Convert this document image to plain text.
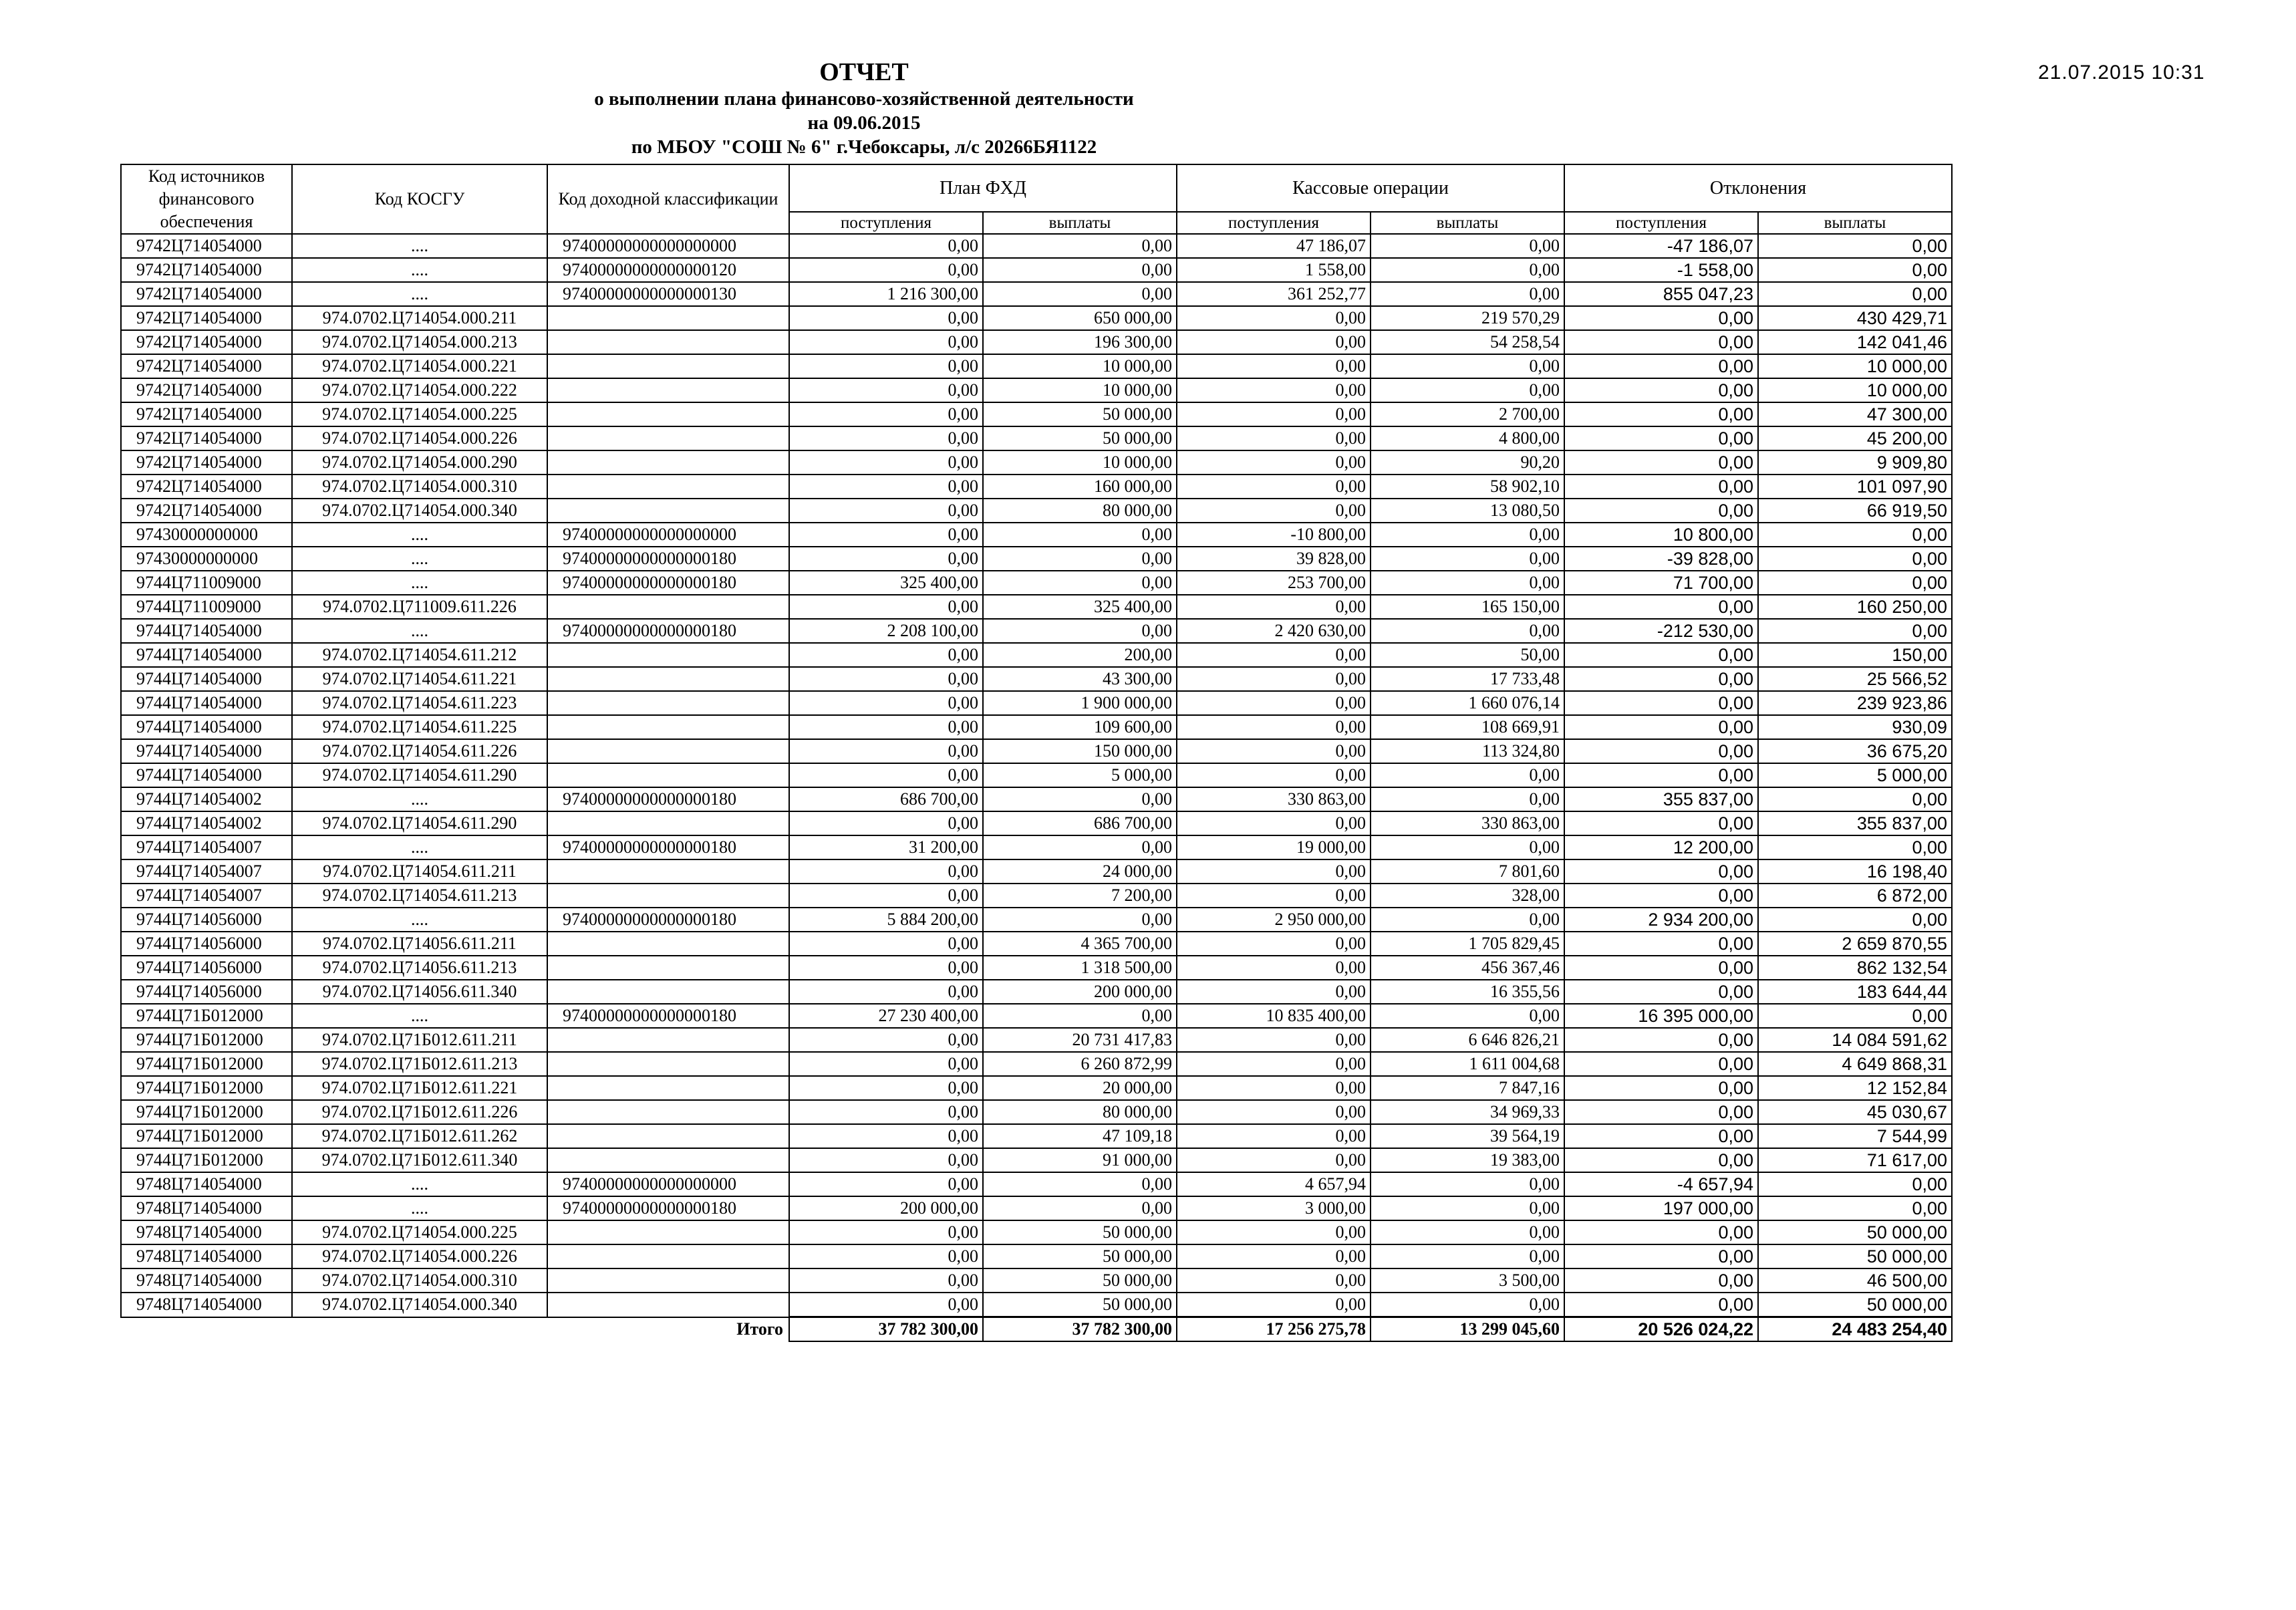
21.07.2015 10:31
ОТЧЕТ
о выполнении плана финансово-хозяйственной деятельности
на 09.06.2015
по МБОУ "СОШ № 6" г.Чебоксары, л/с 20266БЯ1122
Код источников финансового обеспечения	Код КОСГУ	Код доходной классификации	План ФХД		Кассовые операции		Отклонения	
			поступления	выплаты	поступления	выплаты	поступления	выплаты
9742Ц714054000	....	97400000000000000000	0,00	0,00	47 186,07	0,00	-47 186,07	0,00
9742Ц714054000	....	97400000000000000120	0,00	0,00	1 558,00	0,00	-1 558,00	0,00
9742Ц714054000	....	97400000000000000130	1 216 300,00	0,00	361 252,77	0,00	855 047,23	0,00
9742Ц714054000	974.0702.Ц714054.000.211		0,00	650 000,00	0,00	219 570,29	0,00	430 429,71
9742Ц714054000	974.0702.Ц714054.000.213		0,00	196 300,00	0,00	54 258,54	0,00	142 041,46
9742Ц714054000	974.0702.Ц714054.000.221		0,00	10 000,00	0,00	0,00	0,00	10 000,00
9742Ц714054000	974.0702.Ц714054.000.222		0,00	10 000,00	0,00	0,00	0,00	10 000,00
9742Ц714054000	974.0702.Ц714054.000.225		0,00	50 000,00	0,00	2 700,00	0,00	47 300,00
9742Ц714054000	974.0702.Ц714054.000.226		0,00	50 000,00	0,00	4 800,00	0,00	45 200,00
9742Ц714054000	974.0702.Ц714054.000.290		0,00	10 000,00	0,00	90,20	0,00	9 909,80
9742Ц714054000	974.0702.Ц714054.000.310		0,00	160 000,00	0,00	58 902,10	0,00	101 097,90
9742Ц714054000	974.0702.Ц714054.000.340		0,00	80 000,00	0,00	13 080,50	0,00	66 919,50
97430000000000	....	97400000000000000000	0,00	0,00	-10 800,00	0,00	10 800,00	0,00
97430000000000	....	97400000000000000180	0,00	0,00	39 828,00	0,00	-39 828,00	0,00
9744Ц711009000	....	97400000000000000180	325 400,00	0,00	253 700,00	0,00	71 700,00	0,00
9744Ц711009000	974.0702.Ц711009.611.226		0,00	325 400,00	0,00	165 150,00	0,00	160 250,00
9744Ц714054000	....	97400000000000000180	2 208 100,00	0,00	2 420 630,00	0,00	-212 530,00	0,00
9744Ц714054000	974.0702.Ц714054.611.212		0,00	200,00	0,00	50,00	0,00	150,00
9744Ц714054000	974.0702.Ц714054.611.221		0,00	43 300,00	0,00	17 733,48	0,00	25 566,52
9744Ц714054000	974.0702.Ц714054.611.223		0,00	1 900 000,00	0,00	1 660 076,14	0,00	239 923,86
9744Ц714054000	974.0702.Ц714054.611.225		0,00	109 600,00	0,00	108 669,91	0,00	930,09
9744Ц714054000	974.0702.Ц714054.611.226		0,00	150 000,00	0,00	113 324,80	0,00	36 675,20
9744Ц714054000	974.0702.Ц714054.611.290		0,00	5 000,00	0,00	0,00	0,00	5 000,00
9744Ц714054002	....	97400000000000000180	686 700,00	0,00	330 863,00	0,00	355 837,00	0,00
9744Ц714054002	974.0702.Ц714054.611.290		0,00	686 700,00	0,00	330 863,00	0,00	355 837,00
9744Ц714054007	....	97400000000000000180	31 200,00	0,00	19 000,00	0,00	12 200,00	0,00
9744Ц714054007	974.0702.Ц714054.611.211		0,00	24 000,00	0,00	7 801,60	0,00	16 198,40
9744Ц714054007	974.0702.Ц714054.611.213		0,00	7 200,00	0,00	328,00	0,00	6 872,00
9744Ц714056000	....	97400000000000000180	5 884 200,00	0,00	2 950 000,00	0,00	2 934 200,00	0,00
9744Ц714056000	974.0702.Ц714056.611.211		0,00	4 365 700,00	0,00	1 705 829,45	0,00	2 659 870,55
9744Ц714056000	974.0702.Ц714056.611.213		0,00	1 318 500,00	0,00	456 367,46	0,00	862 132,54
9744Ц714056000	974.0702.Ц714056.611.340		0,00	200 000,00	0,00	16 355,56	0,00	183 644,44
9744Ц71Б012000	....	97400000000000000180	27 230 400,00	0,00	10 835 400,00	0,00	16 395 000,00	0,00
9744Ц71Б012000	974.0702.Ц71Б012.611.211		0,00	20 731 417,83	0,00	6 646 826,21	0,00	14 084 591,62
9744Ц71Б012000	974.0702.Ц71Б012.611.213		0,00	6 260 872,99	0,00	1 611 004,68	0,00	4 649 868,31
9744Ц71Б012000	974.0702.Ц71Б012.611.221		0,00	20 000,00	0,00	7 847,16	0,00	12 152,84
9744Ц71Б012000	974.0702.Ц71Б012.611.226		0,00	80 000,00	0,00	34 969,33	0,00	45 030,67
9744Ц71Б012000	974.0702.Ц71Б012.611.262		0,00	47 109,18	0,00	39 564,19	0,00	7 544,99
9744Ц71Б012000	974.0702.Ц71Б012.611.340		0,00	91 000,00	0,00	19 383,00	0,00	71 617,00
9748Ц714054000	....	97400000000000000000	0,00	0,00	4 657,94	0,00	-4 657,94	0,00
9748Ц714054000	....	97400000000000000180	200 000,00	0,00	3 000,00	0,00	197 000,00	0,00
9748Ц714054000	974.0702.Ц714054.000.225		0,00	50 000,00	0,00	0,00	0,00	50 000,00
9748Ц714054000	974.0702.Ц714054.000.226		0,00	50 000,00	0,00	0,00	0,00	50 000,00
9748Ц714054000	974.0702.Ц714054.000.310		0,00	50 000,00	0,00	3 500,00	0,00	46 500,00
9748Ц714054000	974.0702.Ц714054.000.340		0,00	50 000,00	0,00	0,00	0,00	50 000,00
		Итого	37 782 300,00	37 782 300,00	17 256 275,78	13 299 045,60	20 526 024,22	24 483 254,40
